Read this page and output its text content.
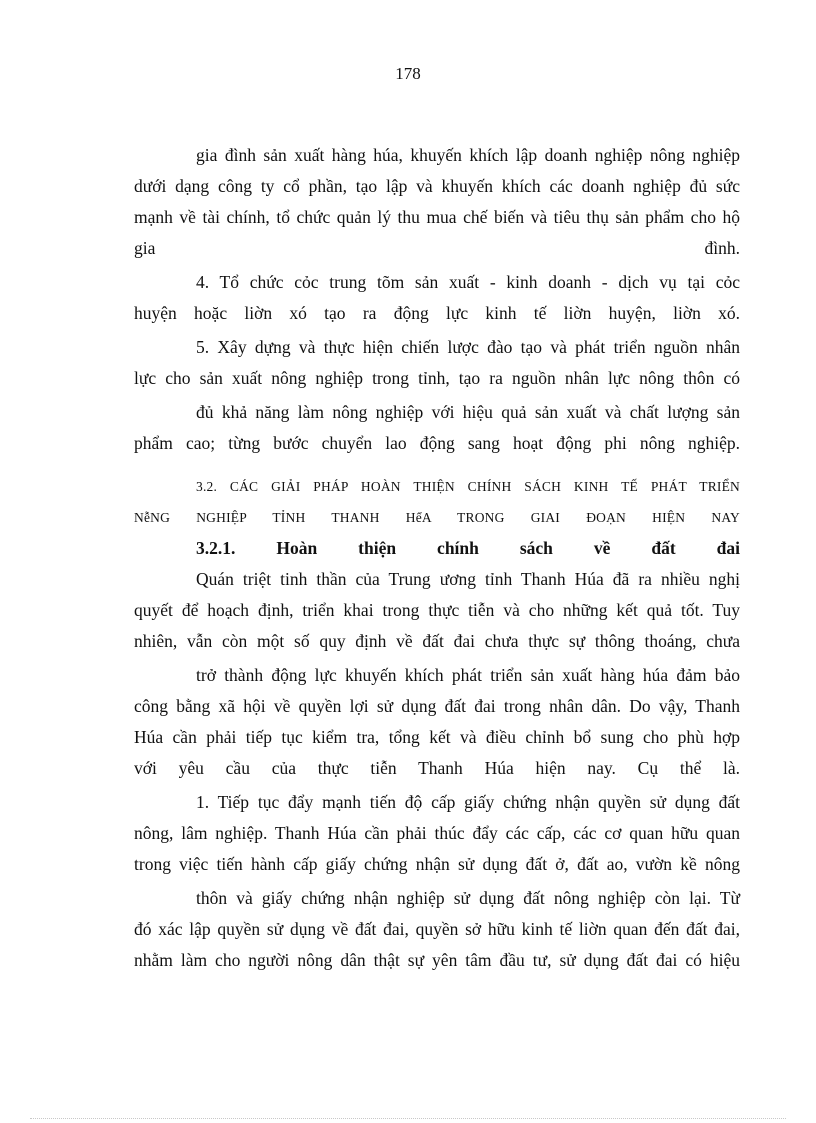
178
gia đình sản xuất hàng húa, khuyến khích lập doanh nghiệp nông nghiệp
dưới dạng công ty cổ phần, tạo lập và khuyến khích các doanh nghiệp đủ sức
mạnh về tài chính, tổ chức quản lý thu mua chế biến và tiêu thụ sản phẩm cho hộ
gia đình.
4. Tổ chức cỏc trung tõm sản xuất - kinh doanh - dịch vụ tại cỏc
huyện hoặc liờn xó tạo ra động lực kinh tế liờn huyện, liờn xó.
5. Xây dựng và thực hiện chiến lược đào tạo và phát triển nguồn nhân
lực cho sản xuất nông nghiệp trong tỉnh, tạo ra nguồn nhân lực nông thôn có
đủ khả năng làm nông nghiệp với hiệu quả sản xuất và chất lượng sản
phẩm cao; từng bước chuyển lao động sang hoạt động phi nông nghiệp.
3.2. CÁC GIẢI PHÁP HOÀN THIỆN CHÍNH SÁCH KINH TẾ PHÁT TRIỂN
NễNG NGHIỆP TỈNH THANH HểA TRONG GIAI ĐOẠN HIỆN NAY
3.2.1. Hoàn thiện chính sách về đất đai
Quán triệt tinh thần của Trung ương tỉnh Thanh Húa đã ra nhiều nghị
quyết để hoạch định, triển khai trong thực tiễn và cho những kết quả tốt. Tuy
nhiên, vẫn còn một số quy định về đất đai chưa thực sự thông thoáng, chưa
trở thành động lực khuyến khích phát triển sản xuất hàng húa đảm bảo
công bằng xã hội về quyền lợi sử dụng đất đai trong nhân dân. Do vậy, Thanh
Húa cần phải tiếp tục kiểm tra, tổng kết và điều chỉnh bổ sung cho phù hợp
với yêu cầu của thực tiễn Thanh Húa hiện nay. Cụ thể là.
1. Tiếp tục đẩy mạnh tiến độ cấp giấy chứng nhận quyền sử dụng đất
nông, lâm nghiệp. Thanh Húa cần phải thúc đẩy các cấp, các cơ quan hữu quan
trong việc tiến hành cấp giấy chứng nhận sử dụng đất ở, đất ao, vườn kề nông
thôn và giấy chứng nhận nghiệp sử dụng đất nông nghiệp còn lại. Từ
đó xác lập quyền sử dụng về đất đai, quyền sở hữu kinh tế liờn quan đến đất đai,
nhằm làm cho người nông dân thật sự yên tâm đầu tư, sử dụng đất đai có hiệu
